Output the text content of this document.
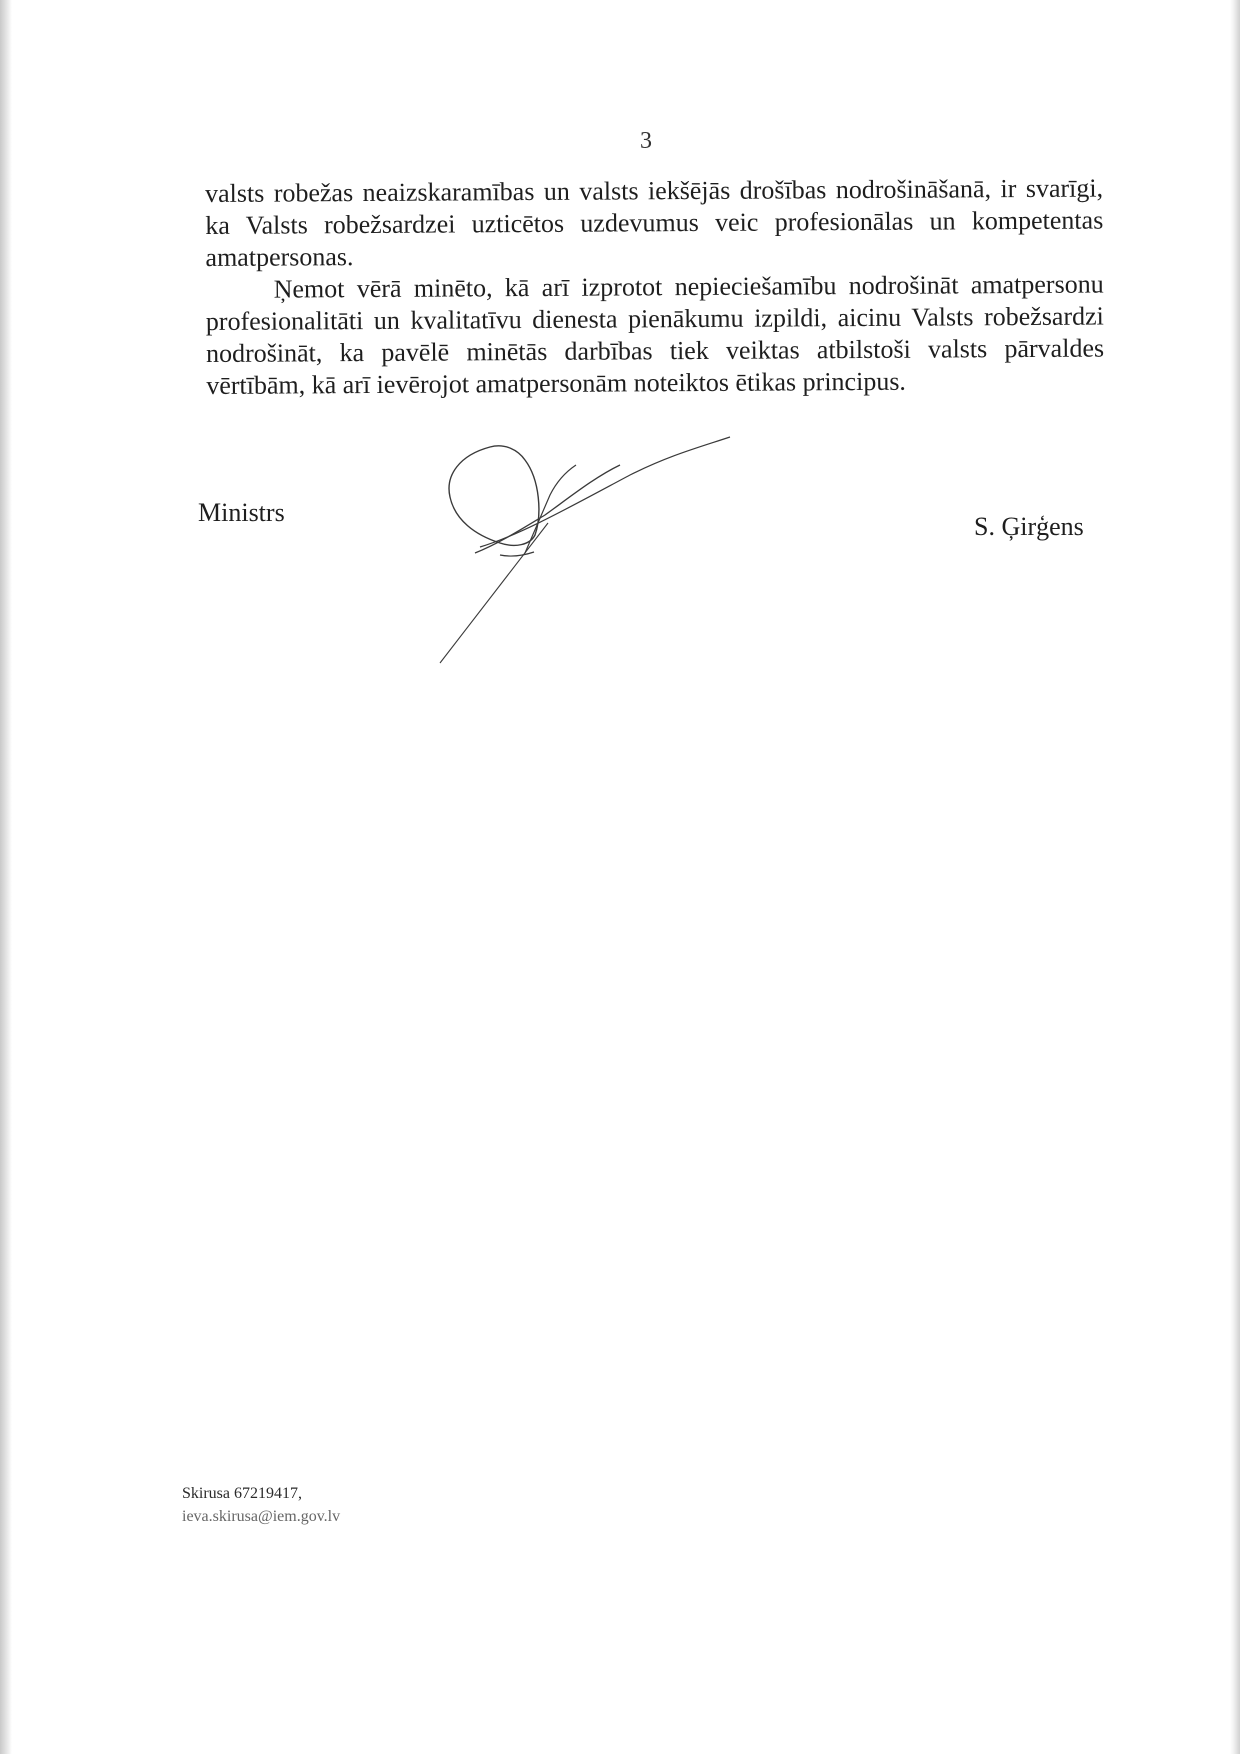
3

valsts robežas neaizskaramības un valsts iekšējās drošības nodrošināšanā, ir svarīgi, ka Valsts robežsardzei uzticētos uzdevumus veic profesionālas un kompetentas amatpersonas.

Ņemot vērā minēto, kā arī izprotot nepieciešamību nodrošināt amatpersonu profesionalitāti un kvalitatīvu dienesta pienākumu izpildi, aicinu Valsts robežsardzi nodrošināt, ka pavēlē minētās darbības tiek veiktas atbilstoši valsts pārvaldes vērtībām, kā arī ievērojot amatpersonām noteiktos ētikas principus.

Ministrs	S. Ģirģens
Skirusa 67219417,
ieva.skirusa@iem.gov.lv
